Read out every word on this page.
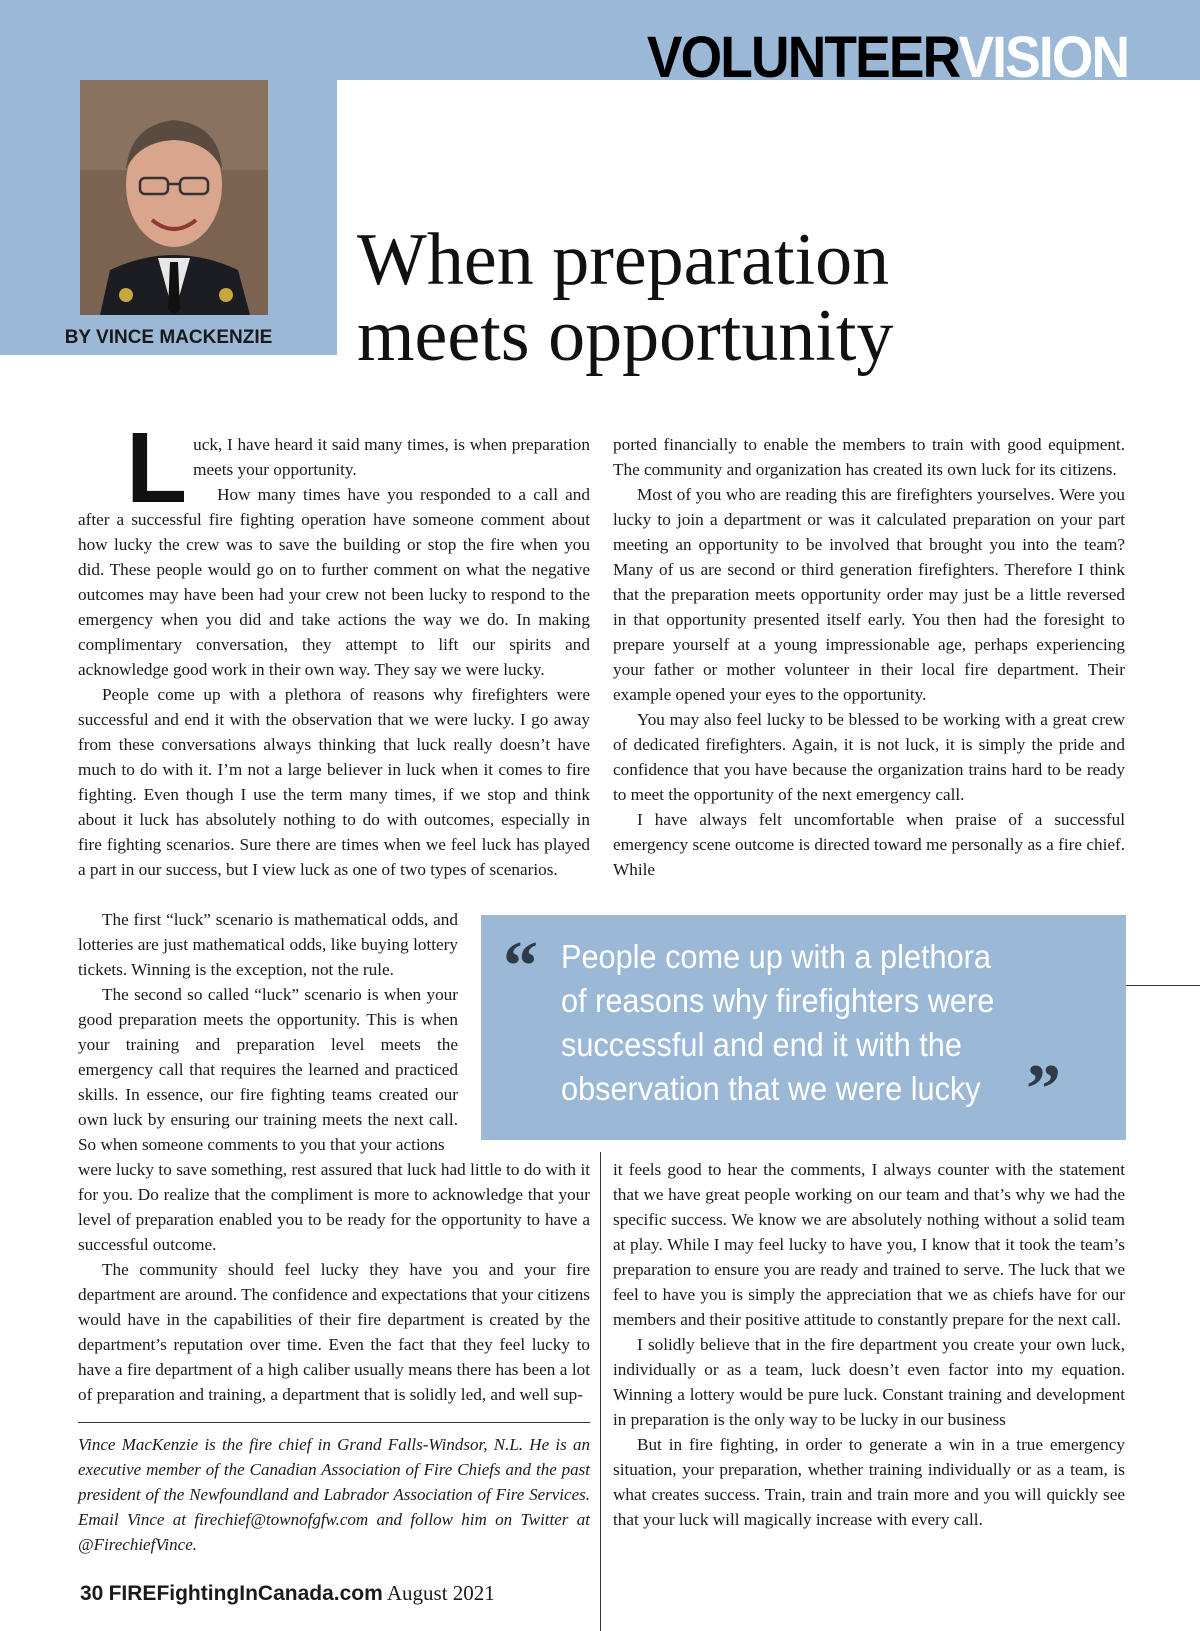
VOLUNTEERVISION
BY VINCE MACKENZIE
Fire Chief
Grand Falls-Windsor
Newfoundland and Labrador
When preparation
meets opportunity

Luck, I have heard it said many times, is when preparation meets your opportunity.

How many times have you responded to a call and after a successful fire fighting operation have someone comment about how lucky the crew was to save the building or stop the fire when you did. These people would go on to further comment on what the negative outcomes may have been had your crew not been lucky to respond to the emergency when you did and take actions the way we do. In making complimentary conversation, they attempt to lift our spirits and acknowledge good work in their own way. They say we were lucky.

People come up with a plethora of reasons why firefighters were successful and end it with the observation that we were lucky. I go away from these conversations always thinking that luck really doesn’t have much to do with it. I’m not a large believer in luck when it comes to fire fighting. Even though I use the term many times, if we stop and think about it luck has absolutely nothing to do with outcomes, especially in fire fighting scenarios. Sure there are times when we feel luck has played a part in our success, but I view luck as one of two types of scenarios.

The first “luck” scenario is mathematical odds, and lotteries are just mathematical odds, like buying lottery tickets. Winning is the exception, not the rule.

The second so called “luck” scenario is when your good preparation meets the opportunity. This is when your training and preparation level meets the emergency call that requires the learned and practiced skills. In essence, our fire fighting teams created our own luck by ensuring our training meets the next call. So when someone comments to you that your actions

were lucky to save something, rest assured that luck had little to do with it for you. Do realize that the compliment is more to acknowledge that your level of preparation enabled you to be ready for the opportunity to have a successful outcome.

The community should feel lucky they have you and your fire department are around. The confidence and expectations that your citizens would have in the capabilities of their fire department is created by the department’s reputation over time. Even the fact that they feel lucky to have a fire department of a high caliber usually means there has been a lot of preparation and training, a department that is solidly led, and well sup-

ported financially to enable the members to train with good equipment. The community and organization has created its own luck for its citizens.

Most of you who are reading this are firefighters yourselves. Were you lucky to join a department or was it calculated preparation on your part meeting an opportunity to be involved that brought you into the team? Many of us are second or third generation firefighters. Therefore I think that the preparation meets opportunity order may just be a little reversed in that opportunity presented itself early. You then had the foresight to prepare yourself at a young impressionable age, perhaps experiencing your father or mother volunteer in their local fire department. Their example opened your eyes to the opportunity.

You may also feel lucky to be blessed to be working with a great crew of dedicated firefighters. Again, it is not luck, it is simply the pride and confidence that you have because the organization trains hard to be ready to meet the opportunity of the next emergency call.

I have always felt uncomfortable when praise of a successful emergency scene outcome is directed toward me personally as a fire chief. While

“ People come up with a plethora
of reasons why firefighters were
successful and end it with the
observation that we were lucky ”

it feels good to hear the comments, I always counter with the statement that we have great people working on our team and that’s why we had the specific success. We know we are absolutely nothing without a solid team at play. While I may feel lucky to have you, I know that it took the team’s preparation to ensure you are ready and trained to serve. The luck that we feel to have you is simply the appreciation that we as chiefs have for our members and their positive attitude to constantly prepare for the next call.

I solidly believe that in the fire department you create your own luck, individually or as a team, luck doesn’t even factor into my equation. Winning a lottery would be pure luck. Constant training and development in preparation is the only way to be lucky in our business

But in fire fighting, in order to generate a win in a true emergency situation, your preparation, whether training individually or as a team, is what creates success. Train, train and train more and you will quickly see that your luck will magically increase with every call.

Vince MacKenzie is the fire chief in Grand Falls-Windsor, N.L. He is an executive member of the Canadian Association of Fire Chiefs and the past president of the Newfoundland and Labrador Association of Fire Services. Email Vince at firechief@townofgfw.com and follow him on Twitter at @FirechiefVince.

30 FIREFightingInCanada.com August 2021
